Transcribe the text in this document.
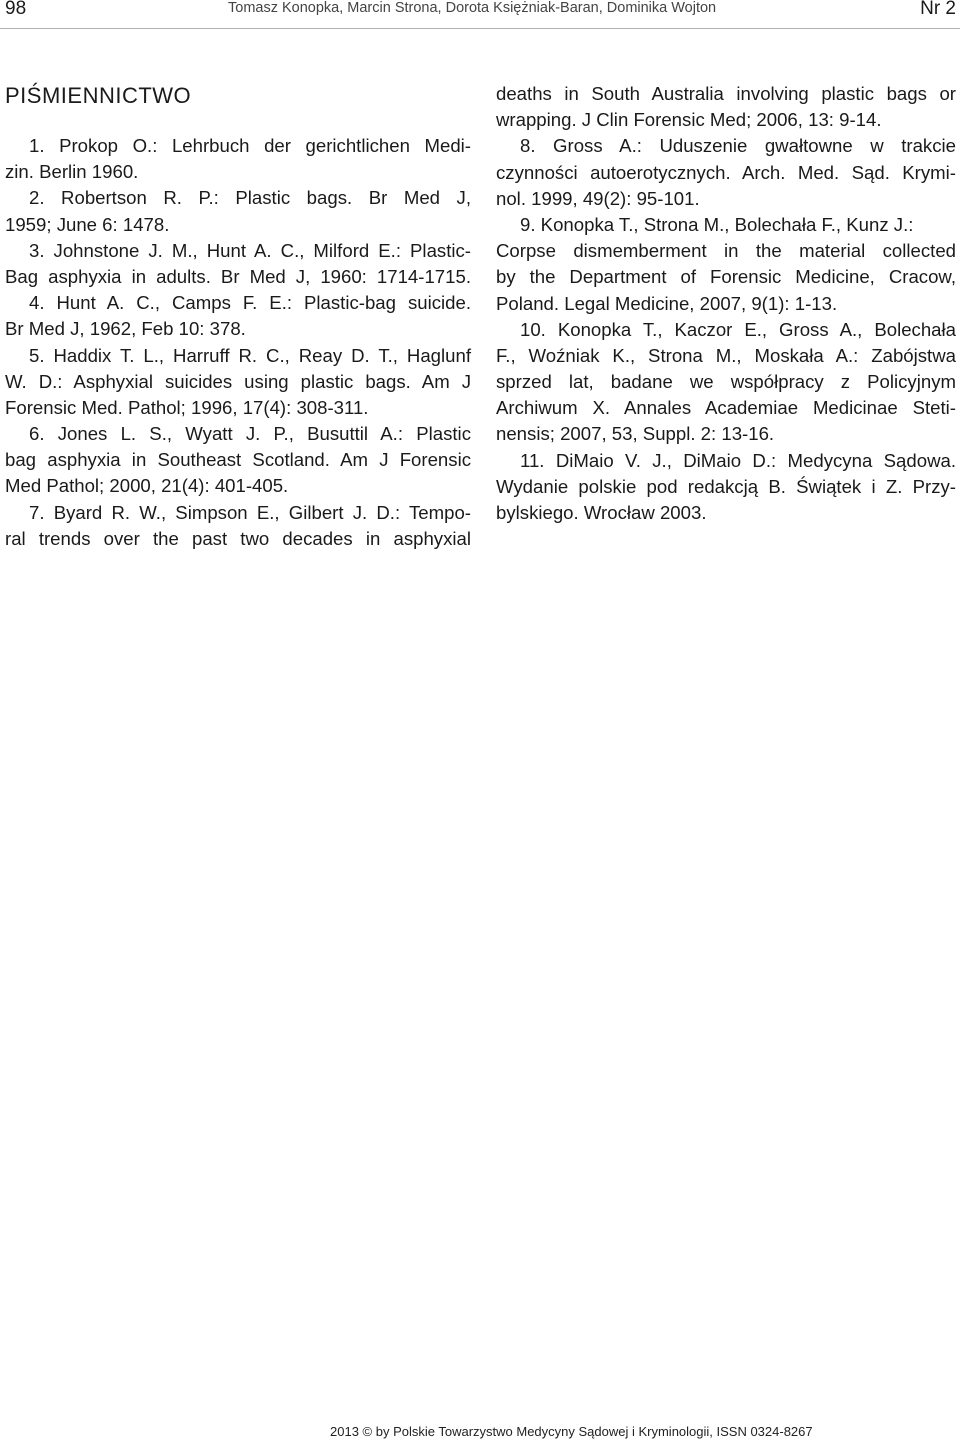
98	Tomasz Konopka, Marcin Strona, Dorota Księżniak-Baran, Dominika Wojton	Nr 2
PIŚMIENNICTWO
1. Prokop O.: Lehrbuch der gerichtlichen Medi-
zin. Berlin 1960.
2. Robertson R. P.: Plastic bags. Br Med J,
1959; June 6: 1478.
3. Johnstone J. M., Hunt A. C., Milford E.: Plastic-
Bag asphyxia in adults. Br Med J, 1960: 1714-1715.
4. Hunt A. C., Camps F. E.: Plastic-bag suicide.
Br Med J, 1962, Feb 10: 378.
5. Haddix T. L., Harruff R. C., Reay D. T., Haglunf
W. D.: Asphyxial suicides using plastic bags. Am J
Forensic Med. Pathol; 1996, 17(4): 308-311.
6. Jones L. S., Wyatt J. P., Busuttil A.: Plastic
bag asphyxia in Southeast Scotland. Am J Forensic
Med Pathol; 2000, 21(4): 401-405.
7. Byard R. W., Simpson E., Gilbert J. D.: Tempo-
ral trends over the past two decades in asphyxial
deaths in South Australia involving plastic bags or
wrapping. J Clin Forensic Med; 2006, 13: 9-14.
8. Gross A.: Uduszenie gwałtowne w trakcie
czynności autoerotycznych. Arch. Med. Sąd. Krymi-
nol. 1999, 49(2): 95-101.
9. Konopka T., Strona M., Bolechała F., Kunz J.:
Corpse dismemberment in the material collected
by the Department of Forensic Medicine, Cracow,
Poland. Legal Medicine, 2007, 9(1): 1-13.
10. Konopka T., Kaczor E., Gross A., Bolechała
F., Woźniak K., Strona M., Moskała A.: Zabójstwa
sprzed lat, badane we współpracy z Policyjnym
Archiwum X. Annales Academiae Medicinae Steti-
nensis; 2007, 53, Suppl. 2: 13-16.
11. DiMaio V. J., DiMaio D.: Medycyna Sądowa.
Wydanie polskie pod redakcją B. Świątek i Z. Przy-
bylskiego. Wrocław 2003.
2013 © by Polskie Towarzystwo Medycyny Sądowej i Kryminologii, ISSN 0324-8267
